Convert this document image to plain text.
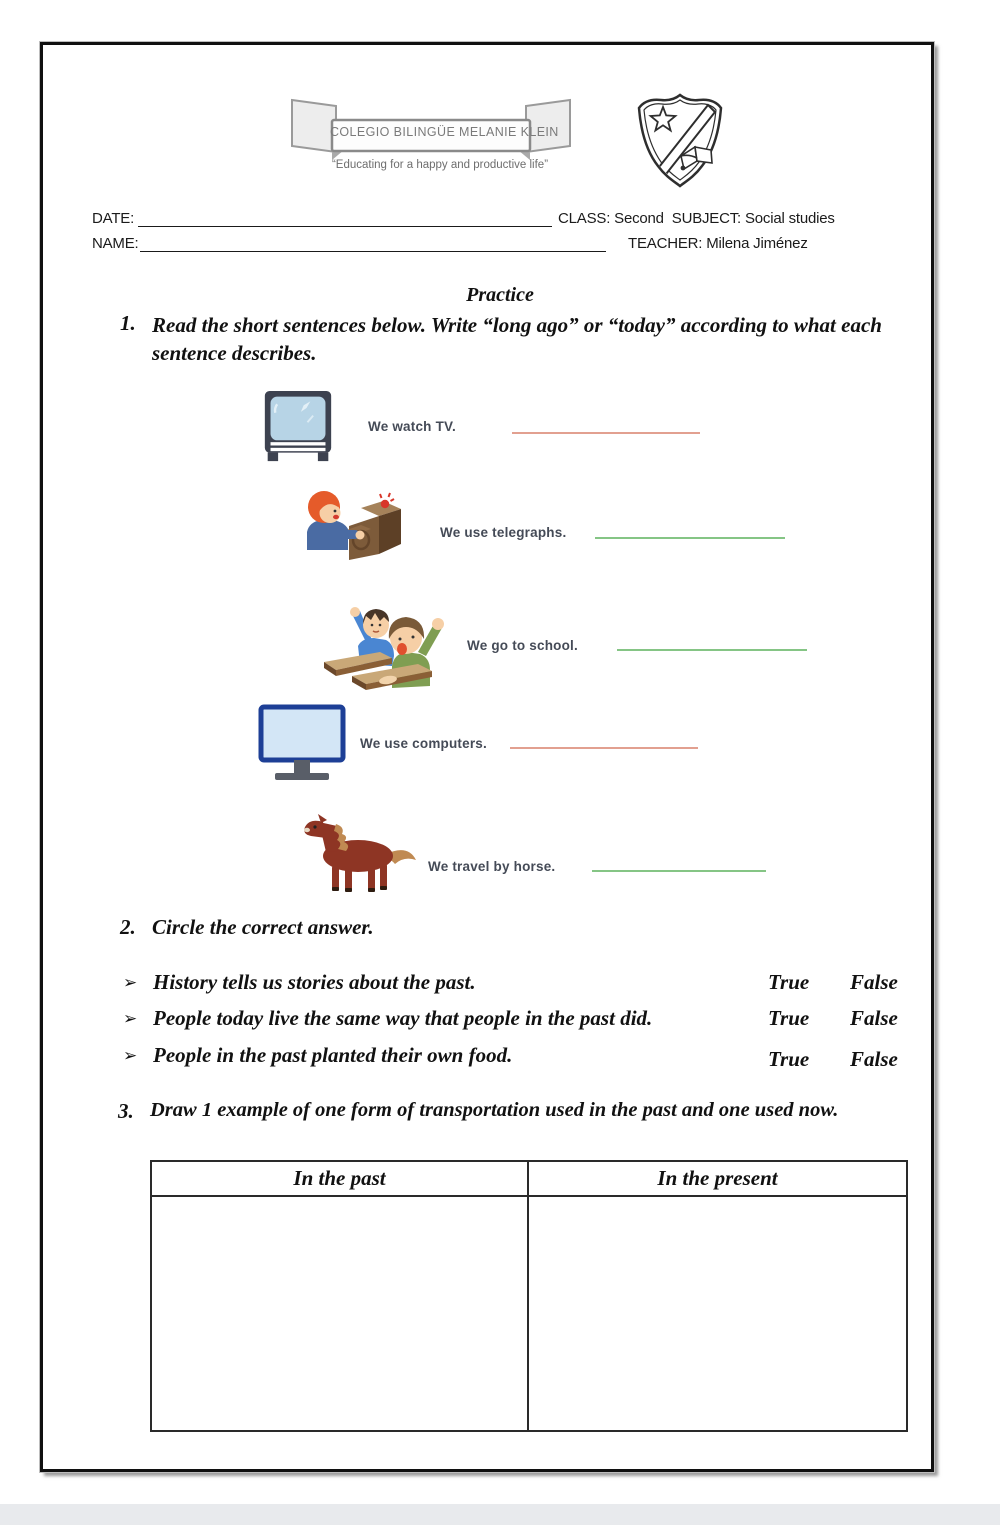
COLEGIO BILINGÜE MELANIE KLEIN
“Educating for a happy and productive life”
DATE:	CLASS: Second SUBJECT: Social studies
NAME:	TEACHER: Milena Jiménez
Practice
1. Read the short sentences below. Write “long ago” or “today” according to what each sentence describes.
We watch TV.
We use telegraphs.
We go to school.
We use computers.
We travel by horse.
2. Circle the correct answer.
➢ History tells us stories about the past.	True False
➢ People today live the same way that people in the past did.	True False
➢ People in the past planted their own food.	True False
3. Draw 1 example of one form of transportation used in the past and one used now.
In the past	In the present
